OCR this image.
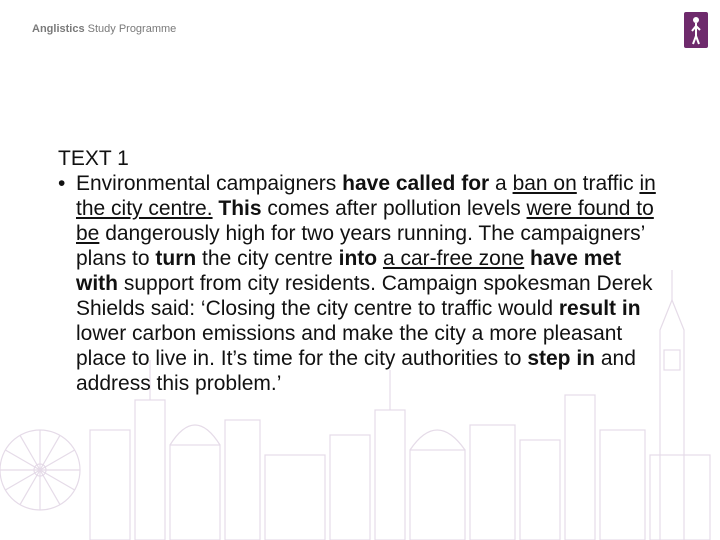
Anglistics Study Programme

TEXT 1

• Environmental campaigners have called for a ban on traffic in the city centre. This comes after pollution levels were found to be dangerously high for two years running. The campaigners’ plans to turn the city centre into a car-free zone have met with support from city residents. Campaign spokesman Derek Shields said: ‘Closing the city centre to traffic would result in lower carbon emissions and make the city a more pleasant place to live in. It’s time for the city authorities to step in and address this problem.’
